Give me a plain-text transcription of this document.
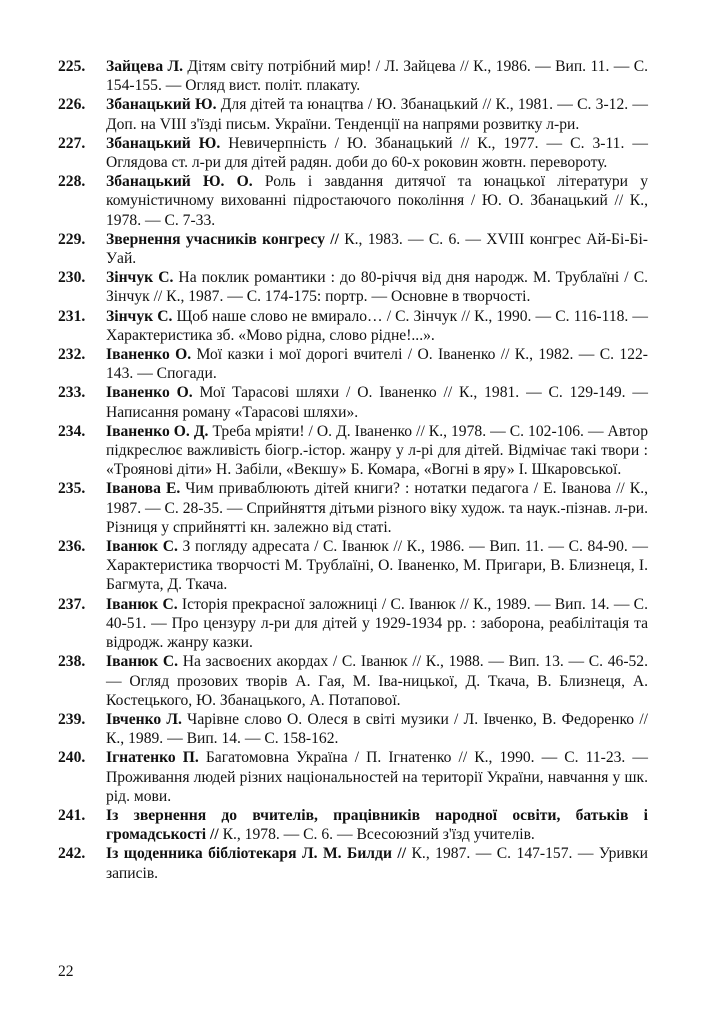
225. Зайцева Л. Дітям світу потрібний мир! / Л. Зайцева // К., 1986. — Вип. 11. — С. 154-155. — Огляд вист. політ. плакату.
226. Збанацький Ю. Для дітей та юнацтва / Ю. Збанацький // К., 1981. — С. 3-12. — Доп. на VIII з'їзді письм. України. Тенденції на напрями розвитку л-ри.
227. Збанацький Ю. Невичерпність / Ю. Збанацький // К., 1977. — С. 3-11. — Оглядова ст. л-ри для дітей радян. доби до 60-х роковин жовтн. перевороту.
228. Збанацький Ю. О. Роль і завдання дитячої та юнацької літератури у комуністичному вихованні підростаючого покоління / Ю. О. Збанацький // К., 1978. — С. 7-33.
229. Звернення учасників конгресу // К., 1983. — С. 6. — XVIII конгрес Ай-Бі-Бі-Уай.
230. Зінчук С. На поклик романтики : до 80-річчя від дня народж. М. Трублаїні / С. Зінчук // К., 1987. — С. 174-175: портр. — Основне в творчості.
231. Зінчук С. Щоб наше слово не вмирало… / С. Зінчук // К., 1990. — С. 116-118. — Характеристика зб. «Мово рідна, слово рідне!...».
232. Іваненко О. Мої казки і мої дорогі вчителі / О. Іваненко // К., 1982. — С. 122-143. — Спогади.
233. Іваненко О. Мої Тарасові шляхи / О. Іваненко // К., 1981. — С. 129-149. — Написання роману «Тарасові шляхи».
234. Іваненко О. Д. Треба мріяти! / О. Д. Іваненко // К., 1978. — С. 102-106. — Автор підкреслює важливість біогр.-істор. жанру у л-рі для дітей. Відмічає такі твори : «Троянові діти» Н. Забіли, «Векшу» Б. Комара, «Вогні в яру» І. Шкаровської.
235. Іванова Е. Чим приваблюють дітей книги? : нотатки педагога / Е. Іванова // К., 1987. — С. 28-35. — Сприйняття дітьми різного віку худож. та наук.-пізнав. л-ри. Різниця у сприйнятті кн. залежно від статі.
236. Іванюк С. З погляду адресата / С. Іванюк // К., 1986. — Вип. 11. — С. 84-90. — Характеристика творчості М. Трублаїні, О. Іваненко, М. Пригари, В. Близнеця, І. Багмута, Д. Ткача.
237. Іванюк С. Історія прекрасної заложниці / С. Іванюк // К., 1989. — Вип. 14. — С. 40-51. — Про цензуру л-ри для дітей у 1929-1934 рр. : заборона, реабілітація та відродж. жанру казки.
238. Іванюк С. На засвоєних акордах / С. Іванюк // К., 1988. — Вип. 13. — С. 46-52. — Огляд прозових творів А. Гая, М. Іва-ницької, Д. Ткача, В. Близнеця, А. Костецького, Ю. Збанацького, А. Потапової.
239. Івченко Л. Чарівне слово О. Олеся в світі музики / Л. Івченко, В. Федоренко // К., 1989. — Вип. 14. — С. 158-162.
240. Ігнатенко П. Багатомовна Україна / П. Ігнатенко // К., 1990. — С. 11-23. — Проживання людей різних національностей на території України, навчання у шк. рід. мови.
241. Із звернення до вчителів, працівників народної освіти, батьків і громадськості // К., 1978. — С. 6. — Всесоюзний з'їзд учителів.
242. Із щоденника бібліотекаря Л. М. Билди // К., 1987. — С. 147-157. — Уривки записів.
22
